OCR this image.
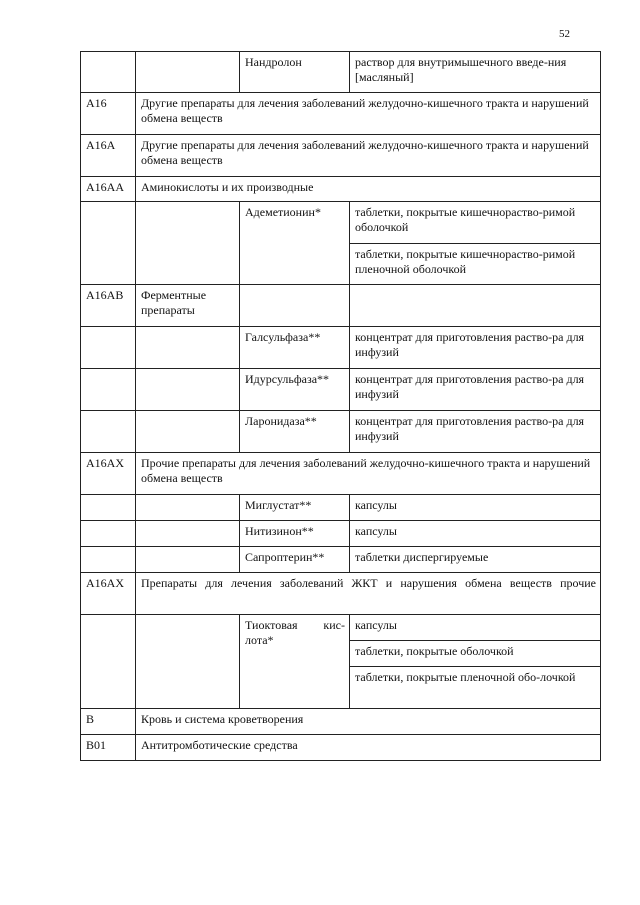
52
		Нандролон	раствор для внутримышечного введе-ния [масляный]
A16	Другие препараты для лечения заболеваний желудочно-кишечного тракта и нарушений обмена веществ		
A16A	Другие препараты для лечения заболеваний желудочно-кишечного тракта и нарушений обмена веществ		
A16AA	Аминокислоты и их производные		
		Адеметионин*	таблетки, покрытые кишечнораство-римой оболочкой
			таблетки, покрытые кишечнораство-римой пленочной оболочкой
A16AB	Ферментные препараты		
		Галсульфаза**	концентрат для приготовления раство-ра для инфузий
		Идурсульфаза**	концентрат для приготовления раство-ра для инфузий
		Ларонидаза**	концентрат для приготовления раство-ра для инфузий
A16AX	Прочие препараты для лечения заболеваний желудочно-кишечного тракта и нарушений обмена веществ		
		Миглустат**	капсулы
		Нитизинон**	капсулы
		Сапроптерин**	таблетки диспергируемые
A16AX	Препараты для лечения заболеваний ЖКТ и нарушения обмена веществ прочие		

		Тиоктовая кис-лота*	капсулы
			таблетки, покрытые оболочкой
			таблетки, покрытые пленочной обо-лочкой
B	Кровь и система кроветворения		
B01	Антитромботические средства		
